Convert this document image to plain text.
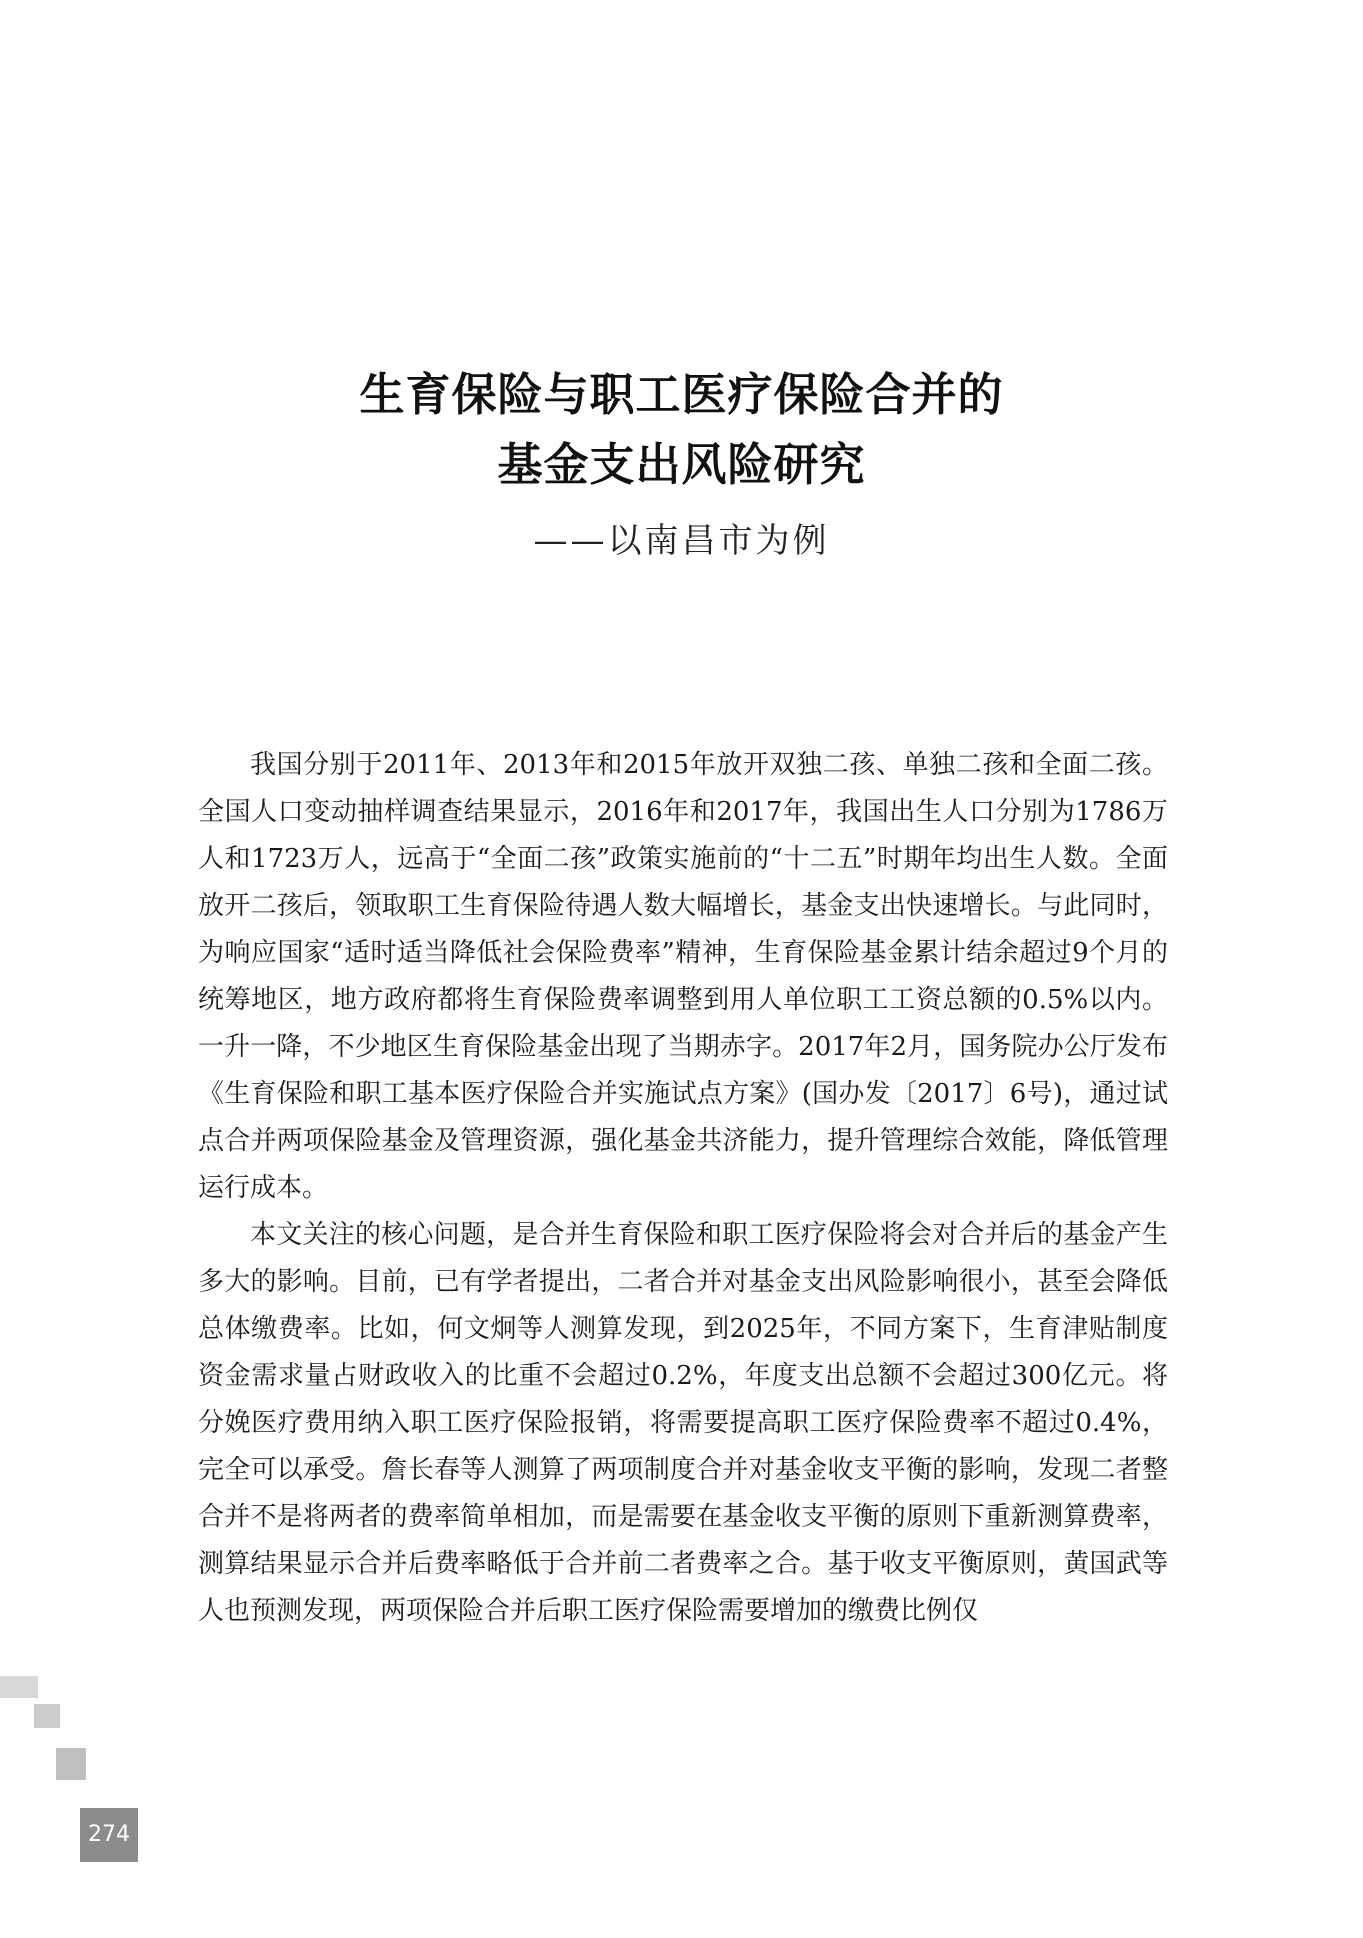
生育保险与职工医疗保险合并的
基金支出风险研究
——以南昌市为例

我国分别于2011年、2013年和2015年放开双独二孩、单独二孩和全面二孩。全国人口变动抽样调查结果显示，2016年和2017年，我国出生人口分别为1786万人和1723万人，远高于“全面二孩”政策实施前的“十二五”时期年均出生人数。全面放开二孩后，领取职工生育保险待遇人数大幅增长，基金支出快速增长。与此同时，为响应国家“适时适当降低社会保险费率”精神，生育保险基金累计结余超过9个月的统筹地区，地方政府都将生育保险费率调整到用人单位职工工资总额的0.5%以内。一升一降，不少地区生育保险基金出现了当期赤字。2017年2月，国务院办公厅发布《生育保险和职工基本医疗保险合并实施试点方案》(国办发〔2017〕6号)，通过试点合并两项保险基金及管理资源，强化基金共济能力，提升管理综合效能，降低管理运行成本。

本文关注的核心问题，是合并生育保险和职工医疗保险将会对合并后的基金产生多大的影响。目前，已有学者提出，二者合并对基金支出风险影响很小，甚至会降低总体缴费率。比如，何文炯等人测算发现，到2025年，不同方案下，生育津贴制度资金需求量占财政收入的比重不会超过0.2%，年度支出总额不会超过300亿元。将分娩医疗费用纳入职工医疗保险报销，将需要提高职工医疗保险费率不超过0.4%，完全可以承受。詹长春等人测算了两项制度合并对基金收支平衡的影响，发现二者整合并不是将两者的费率简单相加，而是需要在基金收支平衡的原则下重新测算费率，测算结果显示合并后费率略低于合并前二者费率之合。基于收支平衡原则，黄国武等人也预测发现，两项保险合并后职工医疗保险需要增加的缴费比例仅

274
